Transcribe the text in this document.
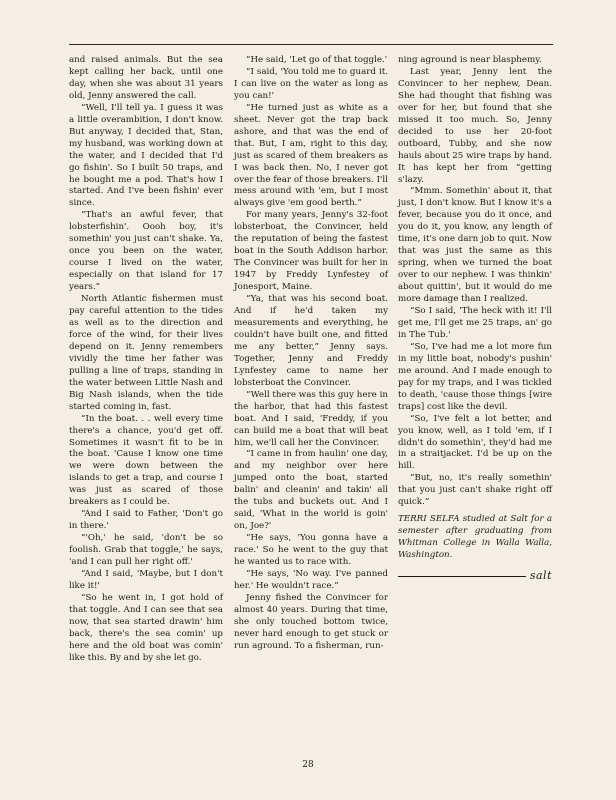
and raised animals. But the sea kept calling her back, until one day, when she was about 31 years old, Jenny answered the call.

“Well, I'll tell ya. I guess it was a little overambition, I don't know. But anyway, I decided that, Stan, my husband, was working down at the water, and I decided that I'd go fishin'. So I built 50 traps, and he bought me a pod. That's how I started. And I've been fishin' ever since.

“That's an awful fever, that lobsterfishin'. Oooh boy, it's somethin' you just can't shake. Ya, once you been on the water, course I lived on the water, especially on that island for 17 years.”

North Atlantic fishermen must pay careful attention to the tides as well as to the direction and force of the wind, for their lives depend on it. Jenny remembers vividly the time her father was pulling a line of traps, standing in the water between Little Nash and Big Nash islands, when the tide started coming in, fast.

“In the boat. . . well every time there's a chance, you'd get off. Sometimes it wasn't fit to be in the boat. 'Cause I know one time we were down between the islands to get a trap, and course I was just as scared of those breakers as I could be.

“And I said to Father, 'Don't go in there.'

“'Oh,' he said, 'don't be so foolish. Grab that toggle,' he says, 'and I can pull her right off.'

“And I said, 'Maybe, but I don't like it!'

“So he went in, I got hold of that toggle. And I can see that sea now, that sea started drawin' him back, there's the sea comin' up here and the old boat was comin' like this. By and by she let go.

“He said, 'Let go of that toggle.'

“I said, 'You told me to guard it. I can live on the water as long as you can!'

“He turned just as white as a sheet. Never got the trap back ashore, and that was the end of that. But, I am, right to this day, just as scared of them breakers as I was back then. No, I never got over the fear of those breakers. I'll mess around with 'em, but I most always give 'em good berth.”

For many years, Jenny's 32-foot lobsterboat, the Convincer, held the reputation of being the fastest boat in the South Addison harbor. The Convincer was built for her in 1947 by Freddy Lynfestey of Jonesport, Maine.

“Ya, that was his second boat. And if he'd taken my measurements and everything, he couldn't have built one, and fitted me any better,” Jenny says. Together, Jenny and Freddy Lynfestey came to name her lobsterboat the Convincer.

“Well there was this guy here in the harbor, that had this fastest boat. And I said, 'Freddy, if you can build me a boat that will beat him, we'll call her the Convincer.

“I came in from haulin' one day, and my neighbor over here jumped onto the boat, started balin' and cleanin' and takin' all the tubs and buckets out. And I said, 'What in the world is goin' on, Joe?'

“He says, 'You gonna have a race.' So he went to the guy that he wanted us to race with.

“He says, 'No way. I've panned her.' He wouldn't race.”

Jenny fished the Convincer for almost 40 years. During that time, she only touched bottom twice, never hard enough to get stuck or run aground. To a fisherman, run-

ning aground is near blasphemy.

Last year, Jenny lent the Convincer to her nephew, Dean. She had thought that fishing was over for her, but found that she missed it too much. So, Jenny decided to use her 20-foot outboard, Tubby, and she now hauls about 25 wire traps by hand. It has kept her from “getting s'lazy.

“Mmm. Somethin' about it, that just, I don't know. But I know it's a fever, because you do it once, and you do it, you know, any length of time, it's one darn job to quit. Now that was just the same as this spring, when we turned the boat over to our nephew. I was thinkin' about quittin', but it would do me more damage than I realized.

“So I said, 'The heck with it! I'll get me, I'll get me 25 traps, an' go in The Tub.'

“So, I've had me a lot more fun in my little boat, nobody's pushin' me around. And I made enough to pay for my traps, and I was tickled to death, 'cause those things [wire traps] cost like the devil.

“So, I've felt a lot better, and you know, well, as I told 'em, if I didn't do somethin', they'd had me in a straitjacket. I'd be up on the hill.

“But, no, it's really somethin' that you just can't shake right off quick.”

TERRI SELFA studied at Salt for a semester after graduating from Whitman College in Walla Walla, Washington.

salt
28
